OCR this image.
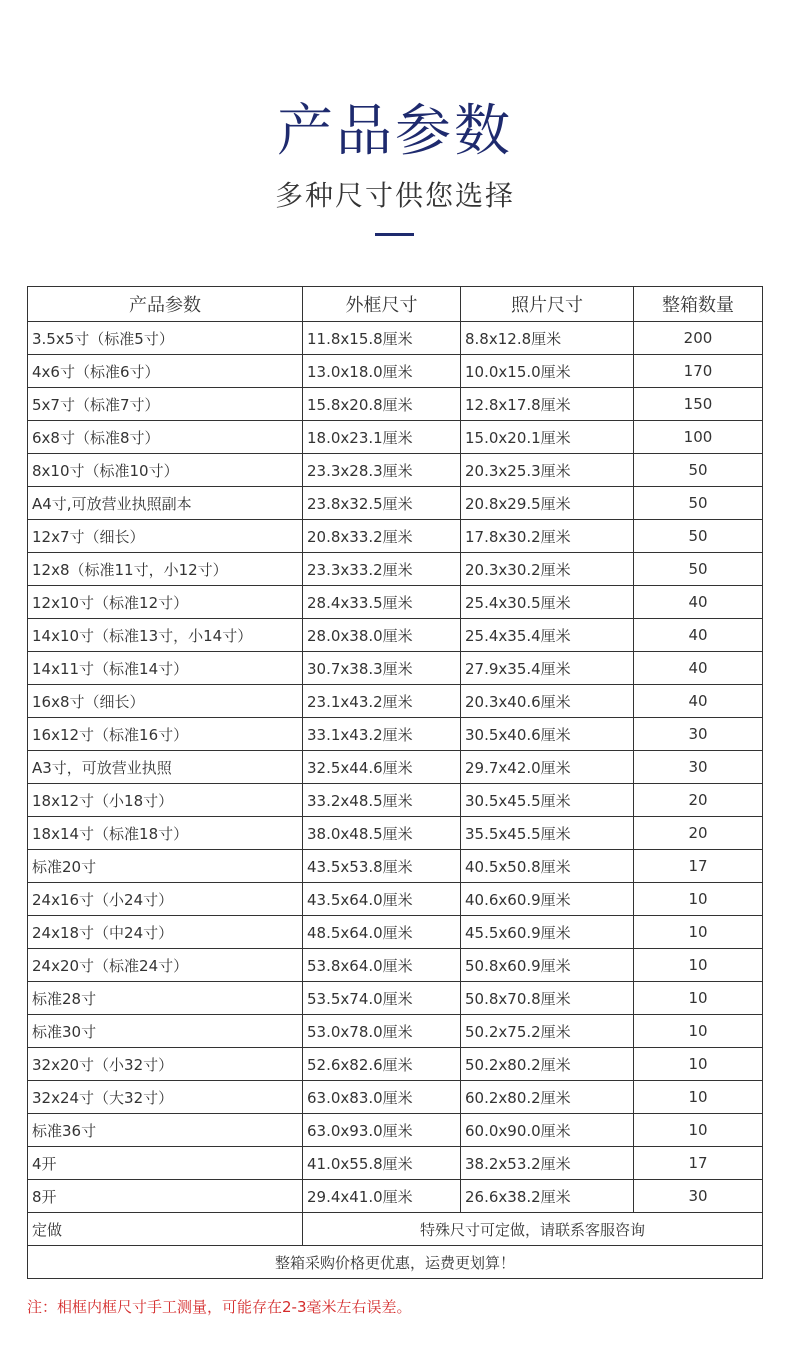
产品参数
多种尺寸供您选择
产品参数	外框尺寸	照片尺寸	整箱数量
3.5x5寸（标准5寸）	11.8x15.8厘米	8.8x12.8厘米	200
4x6寸（标准6寸）	13.0x18.0厘米	10.0x15.0厘米	170
5x7寸（标准7寸）	15.8x20.8厘米	12.8x17.8厘米	150
6x8寸（标准8寸）	18.0x23.1厘米	15.0x20.1厘米	100
8x10寸（标准10寸）	23.3x28.3厘米	20.3x25.3厘米	50
A4寸,可放营业执照副本	23.8x32.5厘米	20.8x29.5厘米	50
12x7寸（细长）	20.8x33.2厘米	17.8x30.2厘米	50
12x8（标准11寸，小12寸）	23.3x33.2厘米	20.3x30.2厘米	50
12x10寸（标准12寸）	28.4x33.5厘米	25.4x30.5厘米	40
14x10寸（标准13寸，小14寸）	28.0x38.0厘米	25.4x35.4厘米	40
14x11寸（标准14寸）	30.7x38.3厘米	27.9x35.4厘米	40
16x8寸（细长）	23.1x43.2厘米	20.3x40.6厘米	40
16x12寸（标准16寸）	33.1x43.2厘米	30.5x40.6厘米	30
A3寸，可放营业执照	32.5x44.6厘米	29.7x42.0厘米	30
18x12寸（小18寸）	33.2x48.5厘米	30.5x45.5厘米	20
18x14寸（标准18寸）	38.0x48.5厘米	35.5x45.5厘米	20
标准20寸	43.5x53.8厘米	40.5x50.8厘米	17
24x16寸（小24寸）	43.5x64.0厘米	40.6x60.9厘米	10
24x18寸（中24寸）	48.5x64.0厘米	45.5x60.9厘米	10
24x20寸（标准24寸）	53.8x64.0厘米	50.8x60.9厘米	10
标准28寸	53.5x74.0厘米	50.8x70.8厘米	10
标准30寸	53.0x78.0厘米	50.2x75.2厘米	10
32x20寸（小32寸）	52.6x82.6厘米	50.2x80.2厘米	10
32x24寸（大32寸）	63.0x83.0厘米	60.2x80.2厘米	10
标准36寸	63.0x93.0厘米	60.0x90.0厘米	10
4开	41.0x55.8厘米	38.2x53.2厘米	17
8开	29.4x41.0厘米	26.6x38.2厘米	30
定做	特殊尺寸可定做，请联系客服咨询		
整箱采购价格更优惠，运费更划算！			
注：相框内框尺寸手工测量，可能存在2-3毫米左右误差。
